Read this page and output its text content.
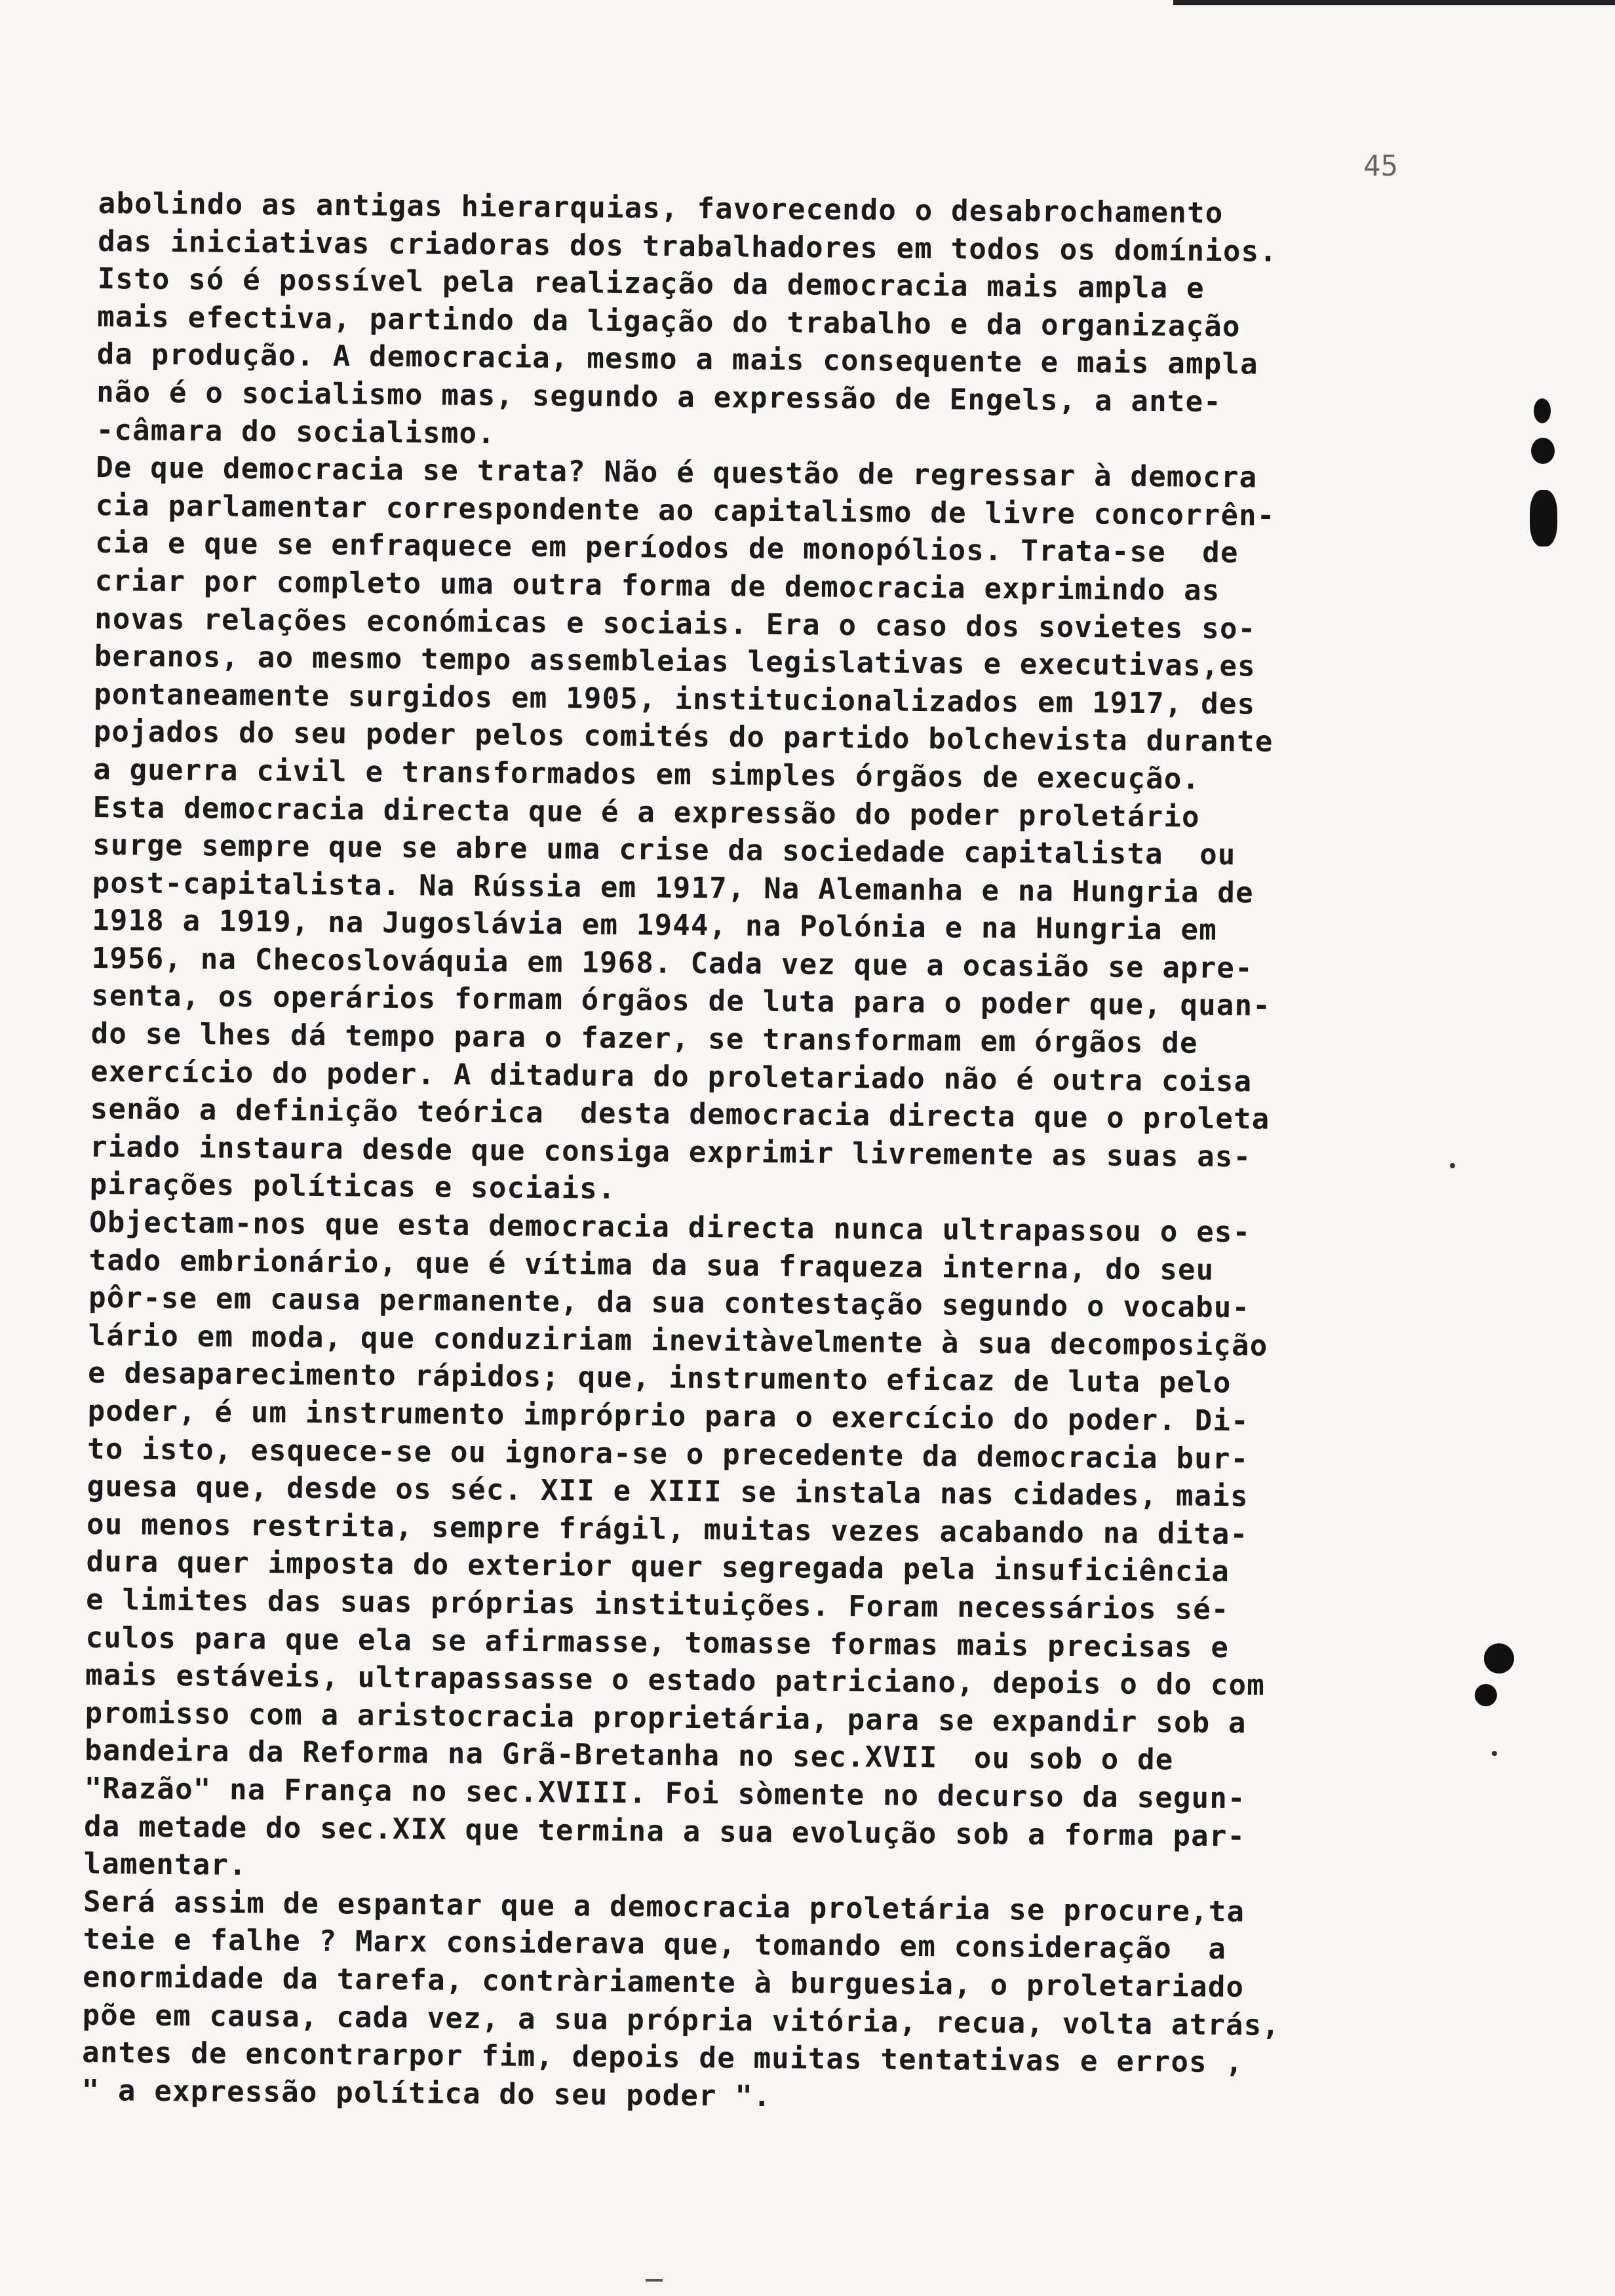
45
abolindo as antigas hierarquias, favorecendo o desabrochamento
das iniciativas criadoras dos trabalhadores em todos os domínios.
Isto só é possível pela realização da democracia mais ampla e
mais efectiva, partindo da ligação do trabalho e da organização
da produção. A democracia, mesmo a mais consequente e mais ampla
não é o socialismo mas, segundo a expressão de Engels, a ante-
-câmara do socialismo.
De que democracia se trata? Não é questão de regressar à democra
cia parlamentar correspondente ao capitalismo de livre concorrên-
cia e que se enfraquece em períodos de monopólios. Trata-se  de
criar por completo uma outra forma de democracia exprimindo as
novas relações económicas e sociais. Era o caso dos sovietes so-
beranos, ao mesmo tempo assembleias legislativas e executivas,es
pontaneamente surgidos em 1905, institucionalizados em 1917, des
pojados do seu poder pelos comités do partido bolchevista durante
a guerra civil e transformados em simples órgãos de execução.
Esta democracia directa que é a expressão do poder proletário
surge sempre que se abre uma crise da sociedade capitalista  ou
post-capitalista. Na Rússia em 1917, Na Alemanha e na Hungria de
1918 a 1919, na Jugoslávia em 1944, na Polónia e na Hungria em
1956, na Checoslováquia em 1968. Cada vez que a ocasião se apre-
senta, os operários formam órgãos de luta para o poder que, quan-
do se lhes dá tempo para o fazer, se transformam em órgãos de
exercício do poder. A ditadura do proletariado não é outra coisa
senão a definição teórica  desta democracia directa que o proleta
riado instaura desde que consiga exprimir livremente as suas as-
pirações políticas e sociais.
Objectam-nos que esta democracia directa nunca ultrapassou o es-
tado embrionário, que é vítima da sua fraqueza interna, do seu
pôr-se em causa permanente, da sua contestação segundo o vocabu-
lário em moda, que conduziriam inevitàvelmente à sua decomposição
e desaparecimento rápidos; que, instrumento eficaz de luta pelo
poder, é um instrumento impróprio para o exercício do poder. Di-
to isto, esquece-se ou ignora-se o precedente da democracia bur-
guesa que, desde os séc. XII e XIII se instala nas cidades, mais
ou menos restrita, sempre frágil, muitas vezes acabando na dita-
dura quer imposta do exterior quer segregada pela insuficiência
e limites das suas próprias instituições. Foram necessários sé-
culos para que ela se afirmasse, tomasse formas mais precisas e
mais estáveis, ultrapassasse o estado patriciano, depois o do com
promisso com a aristocracia proprietária, para se expandir sob a
bandeira da Reforma na Grã-Bretanha no sec.XVII  ou sob o de
"Razão" na França no sec.XVIII. Foi sòmente no decurso da segun-
da metade do sec.XIX que termina a sua evolução sob a forma par-
lamentar.
Será assim de espantar que a democracia proletária se procure,ta
teie e falhe ? Marx considerava que, tomando em consideração  a
enormidade da tarefa, contràriamente à burguesia, o proletariado
põe em causa, cada vez, a sua própria vitória, recua, volta atrás,
antes de encontrarpor fim, depois de muitas tentativas e erros ,
" a expressão política do seu poder ".
